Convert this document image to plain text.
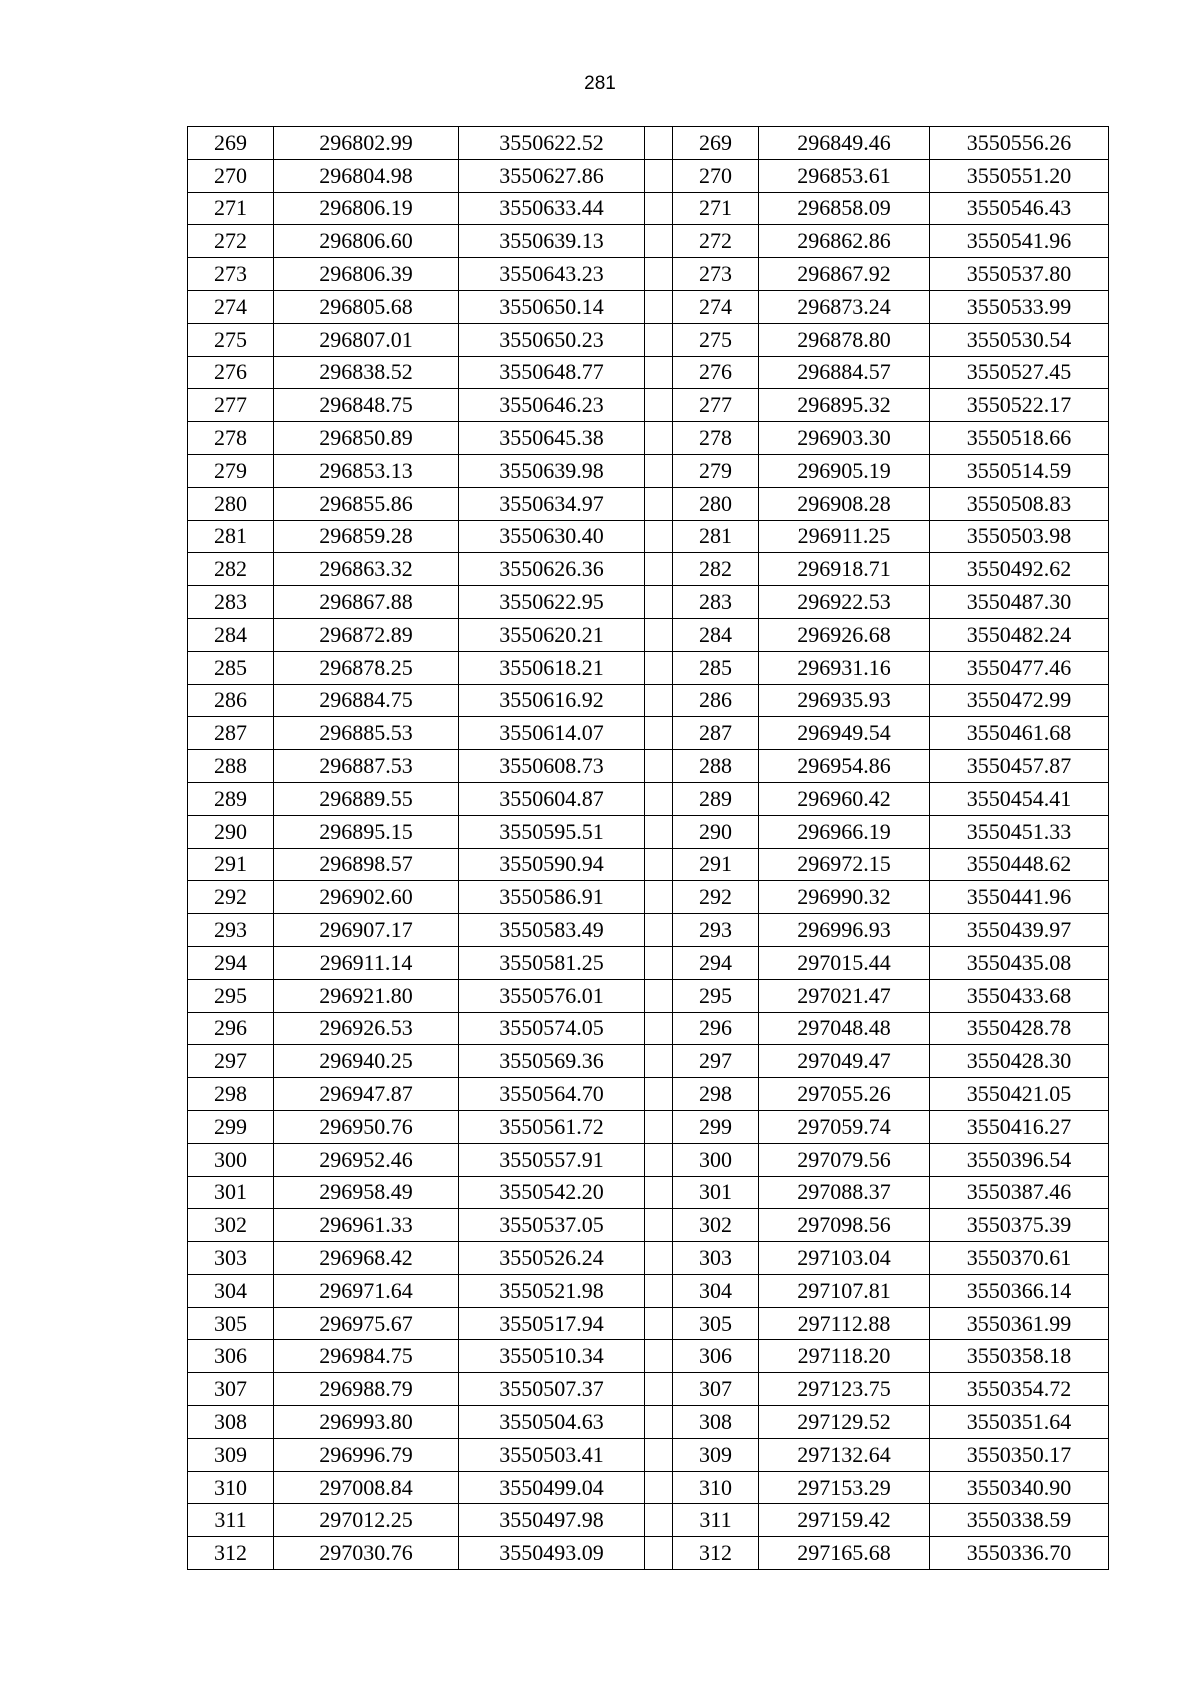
281
269	296802.99	3550622.52		269	296849.46	3550556.26
270	296804.98	3550627.86		270	296853.61	3550551.20
271	296806.19	3550633.44		271	296858.09	3550546.43
272	296806.60	3550639.13		272	296862.86	3550541.96
273	296806.39	3550643.23		273	296867.92	3550537.80
274	296805.68	3550650.14		274	296873.24	3550533.99
275	296807.01	3550650.23		275	296878.80	3550530.54
276	296838.52	3550648.77		276	296884.57	3550527.45
277	296848.75	3550646.23		277	296895.32	3550522.17
278	296850.89	3550645.38		278	296903.30	3550518.66
279	296853.13	3550639.98		279	296905.19	3550514.59
280	296855.86	3550634.97		280	296908.28	3550508.83
281	296859.28	3550630.40		281	296911.25	3550503.98
282	296863.32	3550626.36		282	296918.71	3550492.62
283	296867.88	3550622.95		283	296922.53	3550487.30
284	296872.89	3550620.21		284	296926.68	3550482.24
285	296878.25	3550618.21		285	296931.16	3550477.46
286	296884.75	3550616.92		286	296935.93	3550472.99
287	296885.53	3550614.07		287	296949.54	3550461.68
288	296887.53	3550608.73		288	296954.86	3550457.87
289	296889.55	3550604.87		289	296960.42	3550454.41
290	296895.15	3550595.51		290	296966.19	3550451.33
291	296898.57	3550590.94		291	296972.15	3550448.62
292	296902.60	3550586.91		292	296990.32	3550441.96
293	296907.17	3550583.49		293	296996.93	3550439.97
294	296911.14	3550581.25		294	297015.44	3550435.08
295	296921.80	3550576.01		295	297021.47	3550433.68
296	296926.53	3550574.05		296	297048.48	3550428.78
297	296940.25	3550569.36		297	297049.47	3550428.30
298	296947.87	3550564.70		298	297055.26	3550421.05
299	296950.76	3550561.72		299	297059.74	3550416.27
300	296952.46	3550557.91		300	297079.56	3550396.54
301	296958.49	3550542.20		301	297088.37	3550387.46
302	296961.33	3550537.05		302	297098.56	3550375.39
303	296968.42	3550526.24		303	297103.04	3550370.61
304	296971.64	3550521.98		304	297107.81	3550366.14
305	296975.67	3550517.94		305	297112.88	3550361.99
306	296984.75	3550510.34		306	297118.20	3550358.18
307	296988.79	3550507.37		307	297123.75	3550354.72
308	296993.80	3550504.63		308	297129.52	3550351.64
309	296996.79	3550503.41		309	297132.64	3550350.17
310	297008.84	3550499.04		310	297153.29	3550340.90
311	297012.25	3550497.98		311	297159.42	3550338.59
312	297030.76	3550493.09		312	297165.68	3550336.70
